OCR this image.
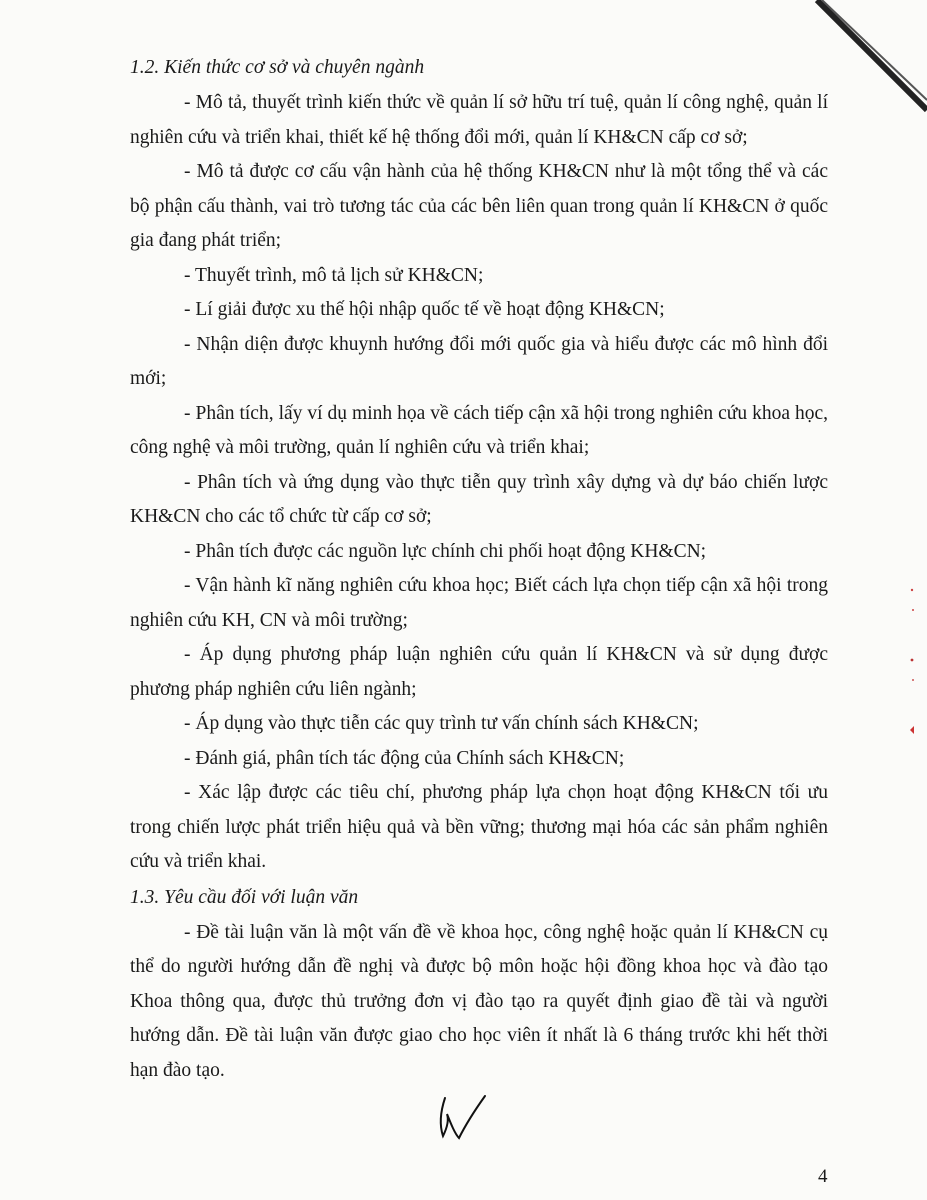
1.2. Kiến thức cơ sở và chuyên ngành

- Mô tả, thuyết trình kiến thức về quản lí sở hữu trí tuệ, quản lí công nghệ, quản lí nghiên cứu và triển khai, thiết kế hệ thống đổi mới, quản lí KH&CN cấp cơ sở;

- Mô tả được cơ cấu vận hành của hệ thống KH&CN như là một tổng thể và các bộ phận cấu thành, vai trò tương tác của các bên liên quan trong quản lí KH&CN ở quốc gia đang phát triển;

- Thuyết trình, mô tả lịch sử KH&CN;

- Lí giải được xu thế hội nhập quốc tế về hoạt động KH&CN;

- Nhận diện được khuynh hướng đổi mới quốc gia và hiểu được các mô hình đổi mới;

- Phân tích, lấy ví dụ minh họa về cách tiếp cận xã hội trong nghiên cứu khoa học, công nghệ và môi trường, quản lí nghiên cứu và triển khai;

- Phân tích và ứng dụng vào thực tiễn quy trình xây dựng và dự báo chiến lược KH&CN cho các tổ chức từ cấp cơ sở;

- Phân tích được các nguồn lực chính chi phối hoạt động KH&CN;

- Vận hành kĩ năng nghiên cứu khoa học; Biết cách lựa chọn tiếp cận xã hội trong nghiên cứu KH, CN và môi trường;

- Áp dụng phương pháp luận nghiên cứu quản lí KH&CN và sử dụng được phương pháp nghiên cứu liên ngành;

- Áp dụng vào thực tiễn các quy trình tư vấn chính sách KH&CN;

- Đánh giá, phân tích tác động của Chính sách KH&CN;

- Xác lập được các tiêu chí, phương pháp lựa chọn hoạt động KH&CN tối ưu trong chiến lược phát triển hiệu quả và bền vững; thương mại hóa các sản phẩm nghiên cứu và triển khai.

1.3. Yêu cầu đối với luận văn

- Đề tài luận văn là một vấn đề về khoa học, công nghệ hoặc quản lí KH&CN cụ thể do người hướng dẫn đề nghị và được bộ môn hoặc hội đồng khoa học và đào tạo Khoa thông qua, được thủ trưởng đơn vị đào tạo ra quyết định giao đề tài và người hướng dẫn. Đề tài luận văn được giao cho học viên ít nhất là 6 tháng trước khi hết thời hạn đào tạo.

4
